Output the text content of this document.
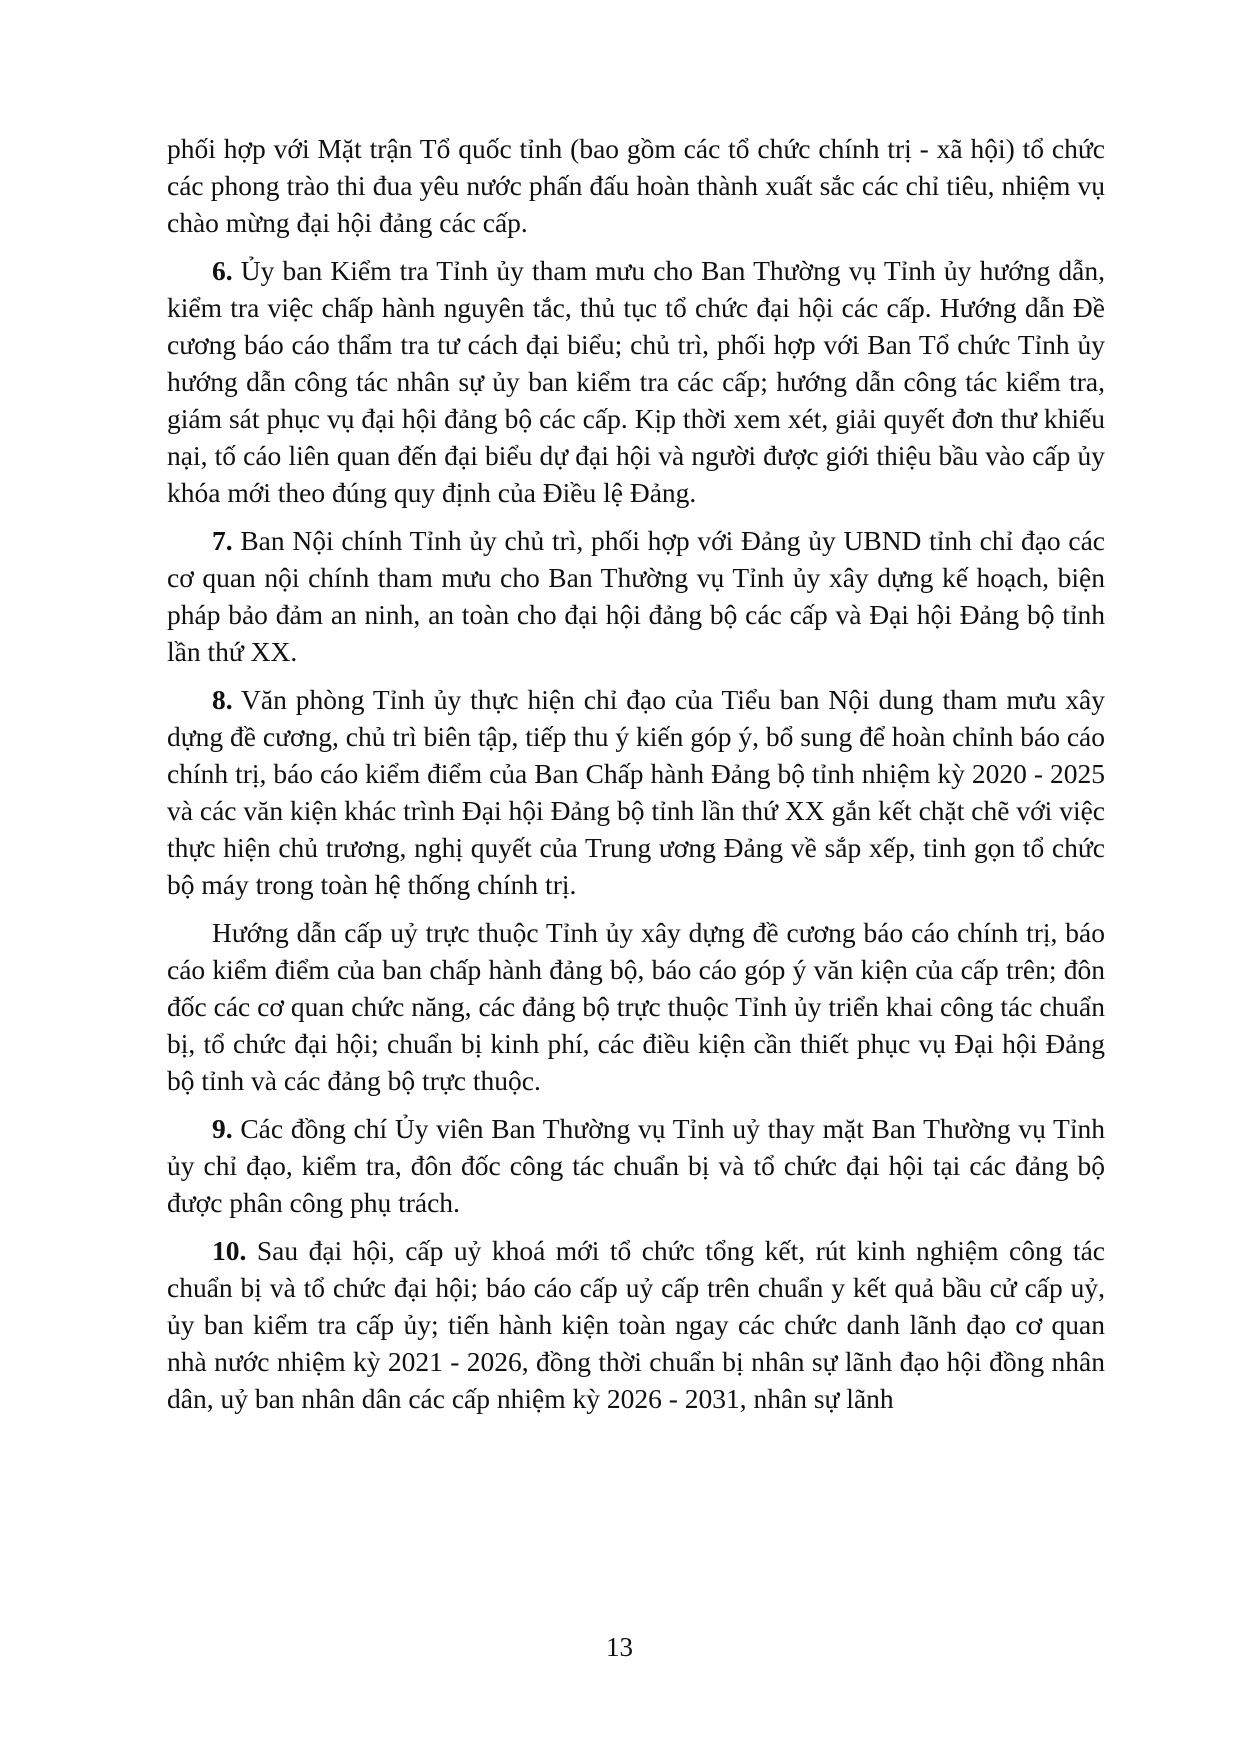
phối hợp với Mặt trận Tổ quốc tỉnh (bao gồm các tổ chức chính trị - xã hội) tổ chức các phong trào thi đua yêu nước phấn đấu hoàn thành xuất sắc các chỉ tiêu, nhiệm vụ chào mừng đại hội đảng các cấp.

6. Ủy ban Kiểm tra Tỉnh ủy tham mưu cho Ban Thường vụ Tỉnh ủy hướng dẫn, kiểm tra việc chấp hành nguyên tắc, thủ tục tổ chức đại hội các cấp. Hướng dẫn Đề cương báo cáo thẩm tra tư cách đại biểu; chủ trì, phối hợp với Ban Tổ chức Tỉnh ủy hướng dẫn công tác nhân sự ủy ban kiểm tra các cấp; hướng dẫn công tác kiểm tra, giám sát phục vụ đại hội đảng bộ các cấp. Kịp thời xem xét, giải quyết đơn thư khiếu nại, tố cáo liên quan đến đại biểu dự đại hội và người được giới thiệu bầu vào cấp ủy khóa mới theo đúng quy định của Điều lệ Đảng.

7. Ban Nội chính Tỉnh ủy chủ trì, phối hợp với Đảng ủy UBND tỉnh chỉ đạo các cơ quan nội chính tham mưu cho Ban Thường vụ Tỉnh ủy xây dựng kế hoạch, biện pháp bảo đảm an ninh, an toàn cho đại hội đảng bộ các cấp và Đại hội Đảng bộ tỉnh lần thứ XX.

8. Văn phòng Tỉnh ủy thực hiện chỉ đạo của Tiểu ban Nội dung tham mưu xây dựng đề cương, chủ trì biên tập, tiếp thu ý kiến góp ý, bổ sung để hoàn chỉnh báo cáo chính trị, báo cáo kiểm điểm của Ban Chấp hành Đảng bộ tỉnh nhiệm kỳ 2020 - 2025 và các văn kiện khác trình Đại hội Đảng bộ tỉnh lần thứ XX gắn kết chặt chẽ với việc thực hiện chủ trương, nghị quyết của Trung ương Đảng về sắp xếp, tinh gọn tổ chức bộ máy trong toàn hệ thống chính trị.

Hướng dẫn cấp uỷ trực thuộc Tỉnh ủy xây dựng đề cương báo cáo chính trị, báo cáo kiểm điểm của ban chấp hành đảng bộ, báo cáo góp ý văn kiện của cấp trên; đôn đốc các cơ quan chức năng, các đảng bộ trực thuộc Tỉnh ủy triển khai công tác chuẩn bị, tổ chức đại hội; chuẩn bị kinh phí, các điều kiện cần thiết phục vụ Đại hội Đảng bộ tỉnh và các đảng bộ trực thuộc.

9. Các đồng chí Ủy viên Ban Thường vụ Tỉnh uỷ thay mặt Ban Thường vụ Tỉnh ủy chỉ đạo, kiểm tra, đôn đốc công tác chuẩn bị và tổ chức đại hội tại các đảng bộ được phân công phụ trách.

10. Sau đại hội, cấp uỷ khoá mới tổ chức tổng kết, rút kinh nghiệm công tác chuẩn bị và tổ chức đại hội; báo cáo cấp uỷ cấp trên chuẩn y kết quả bầu cử cấp uỷ, ủy ban kiểm tra cấp ủy; tiến hành kiện toàn ngay các chức danh lãnh đạo cơ quan nhà nước nhiệm kỳ 2021 - 2026, đồng thời chuẩn bị nhân sự lãnh đạo hội đồng nhân dân, uỷ ban nhân dân các cấp nhiệm kỳ 2026 - 2031, nhân sự lãnh

13
